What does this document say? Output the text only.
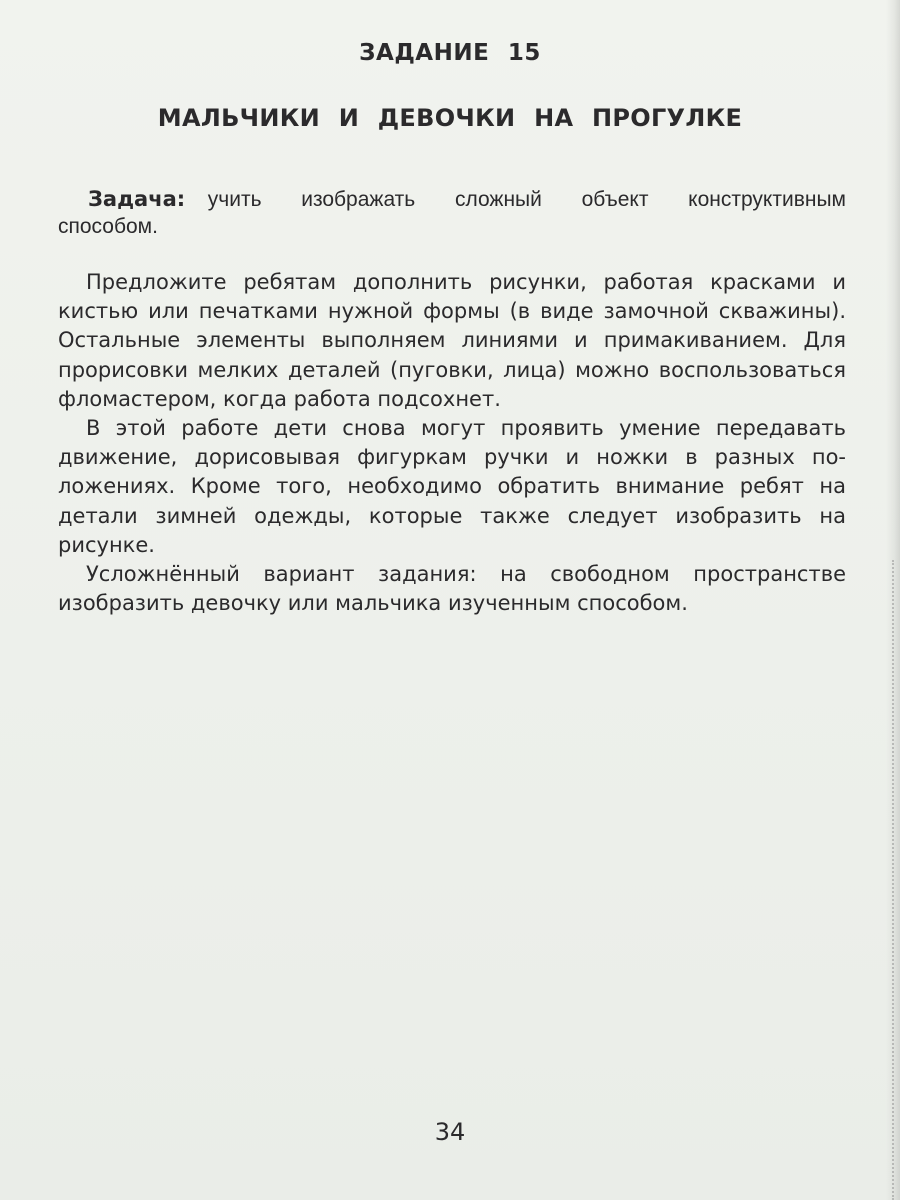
ЗАДАНИЕ 15
МАЛЬЧИКИ И ДЕВОЧКИ НА ПРОГУЛКЕ

Задача: учить изображать сложный объект конструктивным способом.

Предложите ребятам дополнить рисунки, работая красками и кистью или печатками нужной формы (в виде замочной скважины). Остальные элементы выполняем линиями и примакиванием. Для прорисовки мелких деталей (пуговки, лица) можно воспользоваться фломастером, когда работа подсохнет.

В этой работе дети снова могут проявить умение передавать движение, дорисовывая фигуркам ручки и ножки в разных положениях. Кроме того, необходимо обратить внимание ребят на детали зимней одежды, которые также следует изобразить на рисунке.

Усложнённый вариант задания: на свободном пространстве изобразить девочку или мальчика изученным способом.

34
